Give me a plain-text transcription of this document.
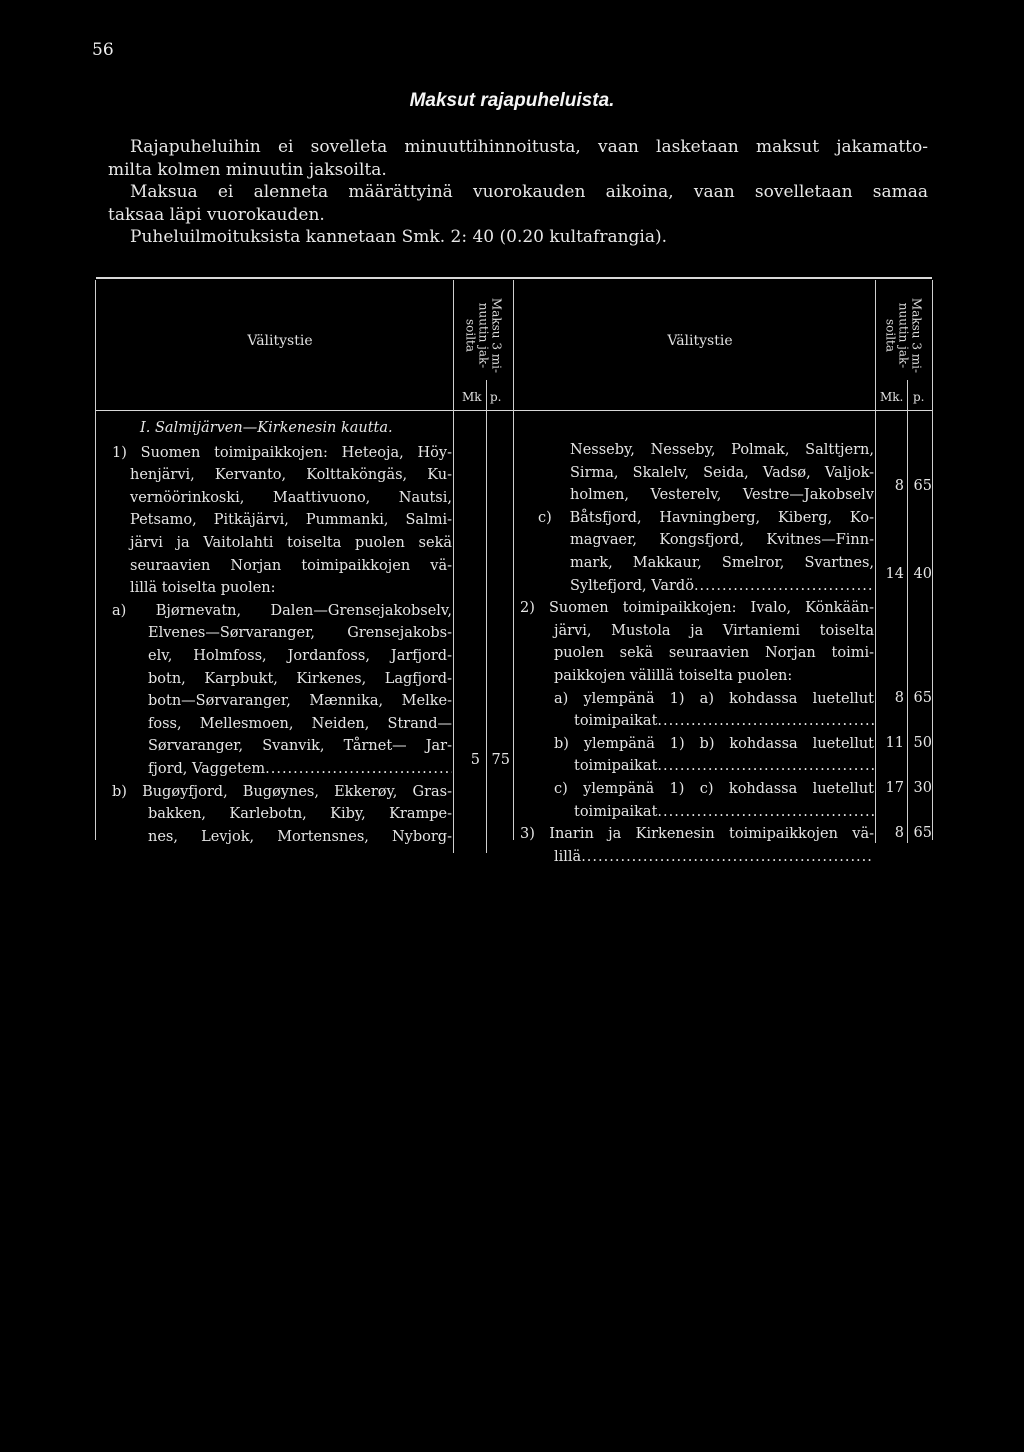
56
Maksut rajapuheluista.

Rajapuheluihin ei sovelleta minuuttihinnoitusta, vaan lasketaan maksut jakamatto-

milta kolmen minuutin jaksoilta.

Maksua ei alenneta määrättyinä vuorokauden aikoina, vaan sovelletaan samaa

taksaa läpi vuorokauden.

Puheluilmoituksista kannetaan Smk. 2: 40 (0.20 kultafrangia).

Välitystie
Maksu 3 mi-
nuutin jak-
soilta
Mk p.
Välitystie
Maksu 3 mi-
nuutin jak-
soilta
Mk. p.
I. Salmijärven—Kirkenesin kautta.
1) Suomen toimipaikkojen: Heteoja, Höy-
henjärvi, Kervanto, Kolttaköngäs, Ku-
vernöörinkoski, Maattivuono, Nautsi,
Petsamo, Pitkäjärvi, Pummanki, Salmi-
järvi ja Vaitolahti toiselta puolen sekä
seuraavien Norjan toimipaikkojen vä-
lillä toiselta puolen:
a) Bjørnevatn, Dalen—Grensejakobselv,
Elvenes—Sørvaranger, Grensejakobs-
elv, Holmfoss, Jordanfoss, Jarfjord-
botn, Karpbukt, Kirkenes, Lagfjord-
botn—Sørvaranger, Mænnika, Melke-
foss, Mellesmoen, Neiden, Strand—
Sørvaranger, Svanvik, Tårnet— Jar-
fjord, Vaggetem
.....
b) Bugøyfjord, Bugøynes, Ekkerøy, Gras-
bakken, Karlebotn, Kiby, Krampe-
nes, Levjok, Mortensnes, Nyborg-
5 75
Nesseby, Nesseby, Polmak, Salttjern,
Sirma, Skalelv, Seida, Vadsø, Valjok-
holmen, Vesterelv, Vestre—Jakobselv
c) Båtsfjord, Havningberg, Kiberg, Ko-
magvaer, Kongsfjord, Kvitnes—Finn-
mark, Makkaur, Smelror, Svartnes,
Syltefjord, Vardö
.....
2) Suomen toimipaikkojen: Ivalo, Könkään-
järvi, Mustola ja Virtaniemi toiselta
puolen sekä seuraavien Norjan toimi-
paikkojen välillä toiselta puolen:
a) ylempänä 1) a) kohdassa luetellut
toimipaikat
.....
b) ylempänä 1) b) kohdassa luetellut
toimipaikat
.....
c) ylempänä 1) c) kohdassa luetellut
toimipaikat
.....
3) Inarin ja Kirkenesin toimipaikkojen vä-
lillä
.....
8 65
14 40
8 65
11 50
17 30
8 65
